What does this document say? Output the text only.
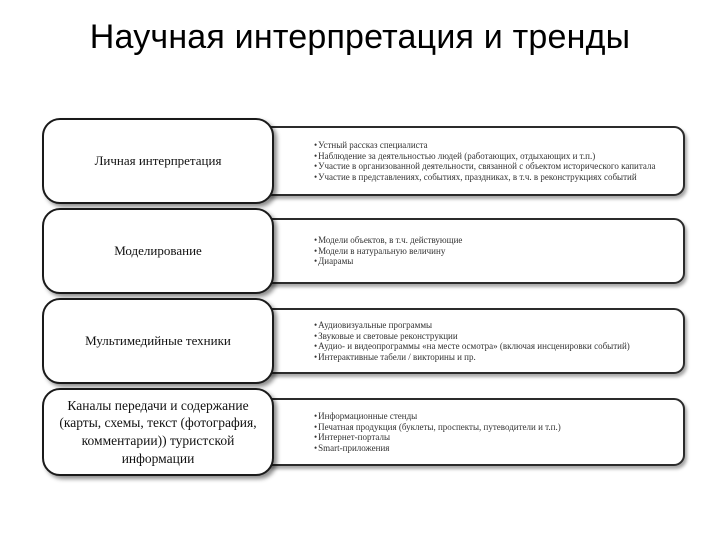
Научная интерпретация и тренды
• Устный рассказ специалиста
• Наблюдение за деятельностью людей (работающих, отдыхающих и т.п.)
• Участие в организованной деятельности, связанной с объектом исторического капитала
• Участие в представлениях, событиях, праздниках, в т.ч. в реконструкциях событий
Личная интерпретация
• Модели объектов, в т.ч. действующие
• Модели в натуральную величину
• Диарамы
Моделирование
• Аудиовизуальные программы
• Звуковые и световые реконструкции
• Аудио- и видеопрограммы «на месте осмотра» (включая инсценировки событий)
• Интерактивные табели / викторины и пр.
Мультимедийные техники
• Информационные стенды
• Печатная продукция (буклеты, проспекты, путеводители и т.п.)
• Интернет-порталы
• Smart-приложения
Каналы передачи и содержание (карты, схемы, текст (фотография, комментарии)) туристской информации
